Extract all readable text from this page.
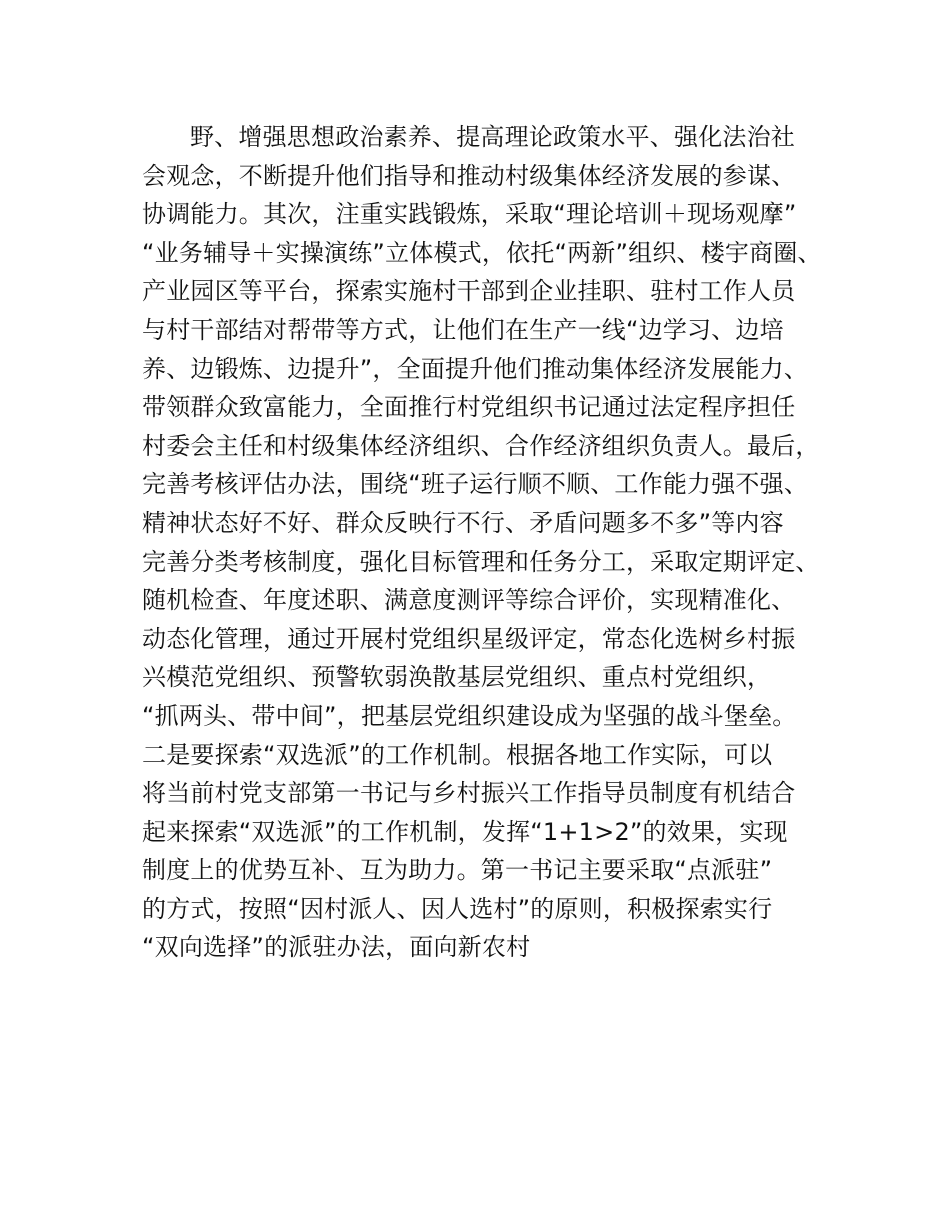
野、增强思想政治素养、提高理论政策水平、强化法治社
会观念，不断提升他们指导和推动村级集体经济发展的参谋、
协调能力。其次，注重实践锻炼，采取“理论培训＋现场观摩”
“业务辅导＋实操演练”立体模式，依托“两新”组织、楼宇商圈、
产业园区等平台，探索实施村干部到企业挂职、驻村工作人员
与村干部结对帮带等方式，让他们在生产一线“边学习、边培
养、边锻炼、边提升”，全面提升他们推动集体经济发展能力、
带领群众致富能力，全面推行村党组织书记通过法定程序担任
村委会主任和村级集体经济组织、合作经济组织负责人。最后，
完善考核评估办法，围绕“班子运行顺不顺、工作能力强不强、
精神状态好不好、群众反映行不行、矛盾问题多不多”等内容
完善分类考核制度，强化目标管理和任务分工，采取定期评定、
随机检查、年度述职、满意度测评等综合评价，实现精准化、
动态化管理，通过开展村党组织星级评定，常态化选树乡村振
兴模范党组织、预警软弱涣散基层党组织、重点村党组织，
“抓两头、带中间”，把基层党组织建设成为坚强的战斗堡垒。
二是要探索“双选派”的工作机制。根据各地工作实际，可以
将当前村党支部第一书记与乡村振兴工作指导员制度有机结合
起来探索“双选派”的工作机制，发挥“1+1>2”的效果，实现
制度上的优势互补、互为助力。第一书记主要采取“点派驻”
的方式，按照“因村派人、因人选村”的原则，积极探索实行
“双向选择”的派驻办法，面向新农村
